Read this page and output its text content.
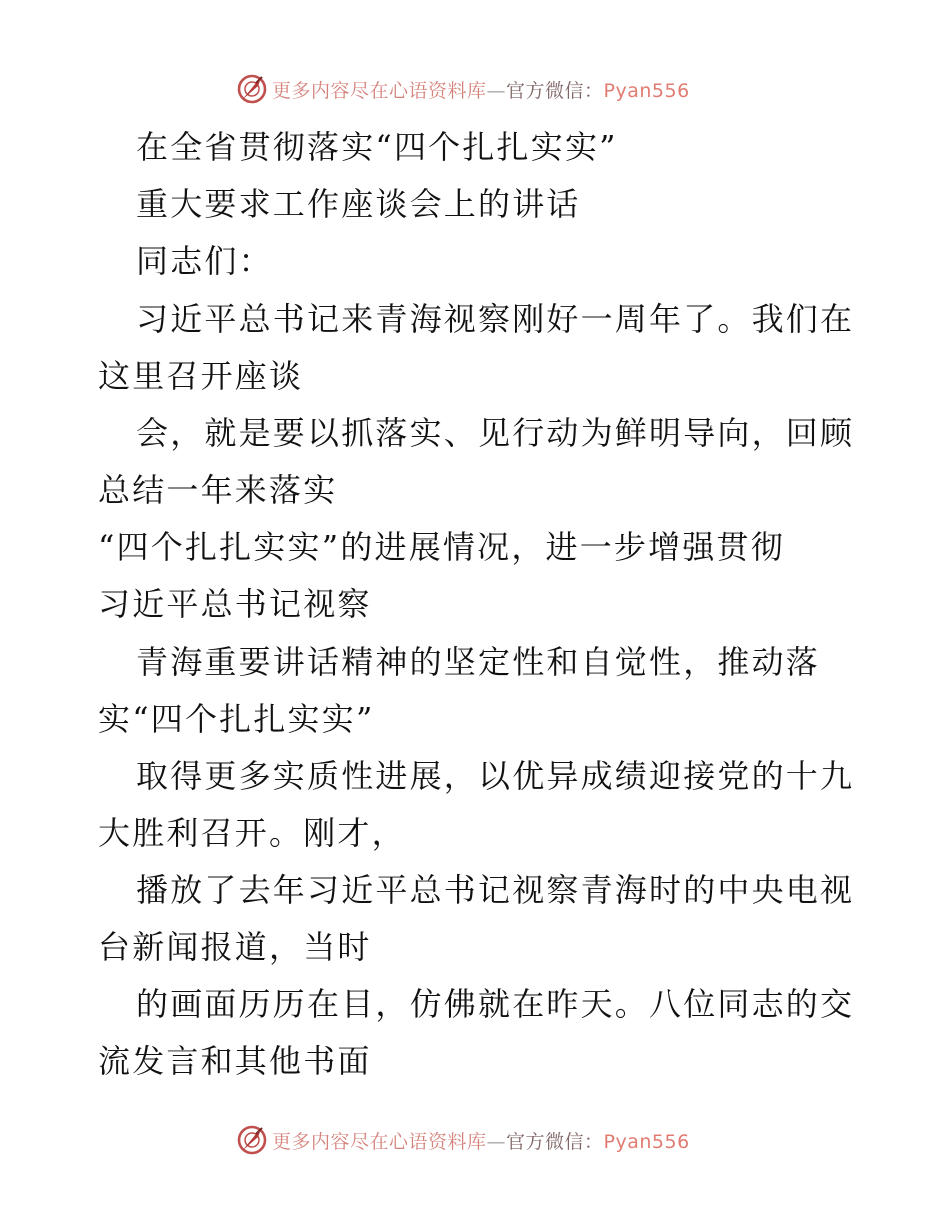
更多内容尽在心语资料库—官方微信：Pyan556
在全省贯彻落实“四个扎扎实实”
重大要求工作座谈会上的讲话
同志们：
习近平总书记来青海视察刚好一周年了。我们在
这里召开座谈
会，就是要以抓落实、见行动为鲜明导向，回顾
总结一年来落实
“四个扎扎实实”的进展情况，进一步增强贯彻
习近平总书记视察
青海重要讲话精神的坚定性和自觉性，推动落
实“四个扎扎实实”
取得更多实质性进展，以优异成绩迎接党的十九
大胜利召开。刚才，
播放了去年习近平总书记视察青海时的中央电视
台新闻报道，当时
的画面历历在目，仿佛就在昨天。八位同志的交
流发言和其他书面
更多内容尽在心语资料库—官方微信：Pyan556
